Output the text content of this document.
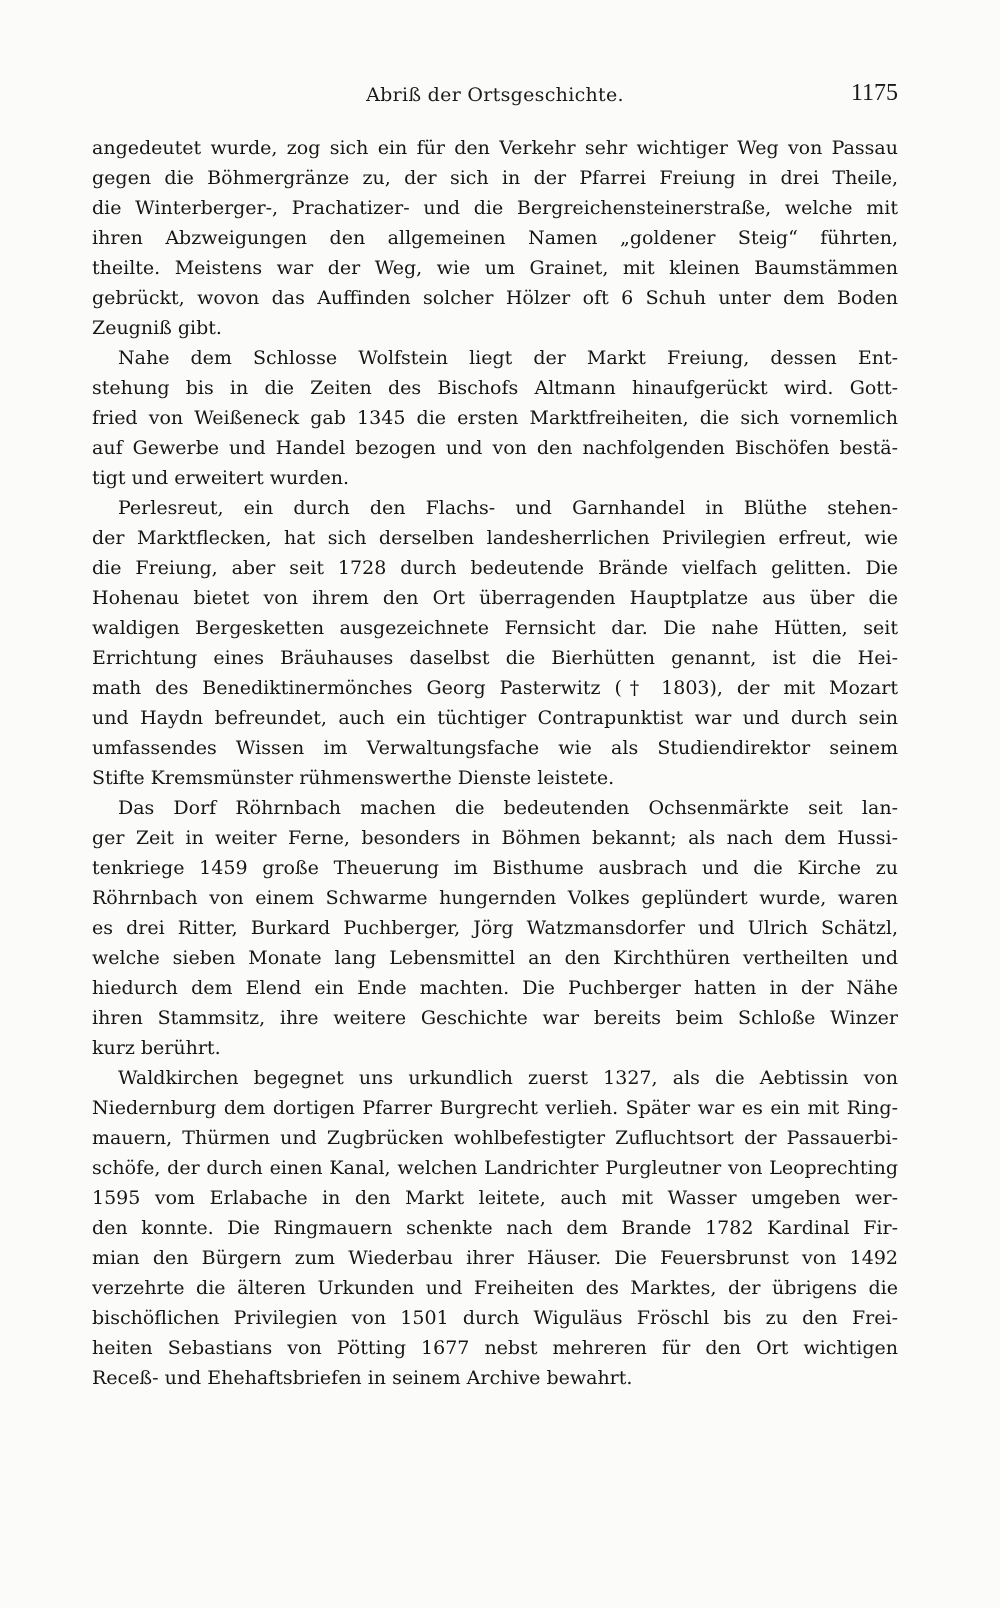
Abriß der Ortsgeschichte.	1175
angedeutet wurde, zog sich ein für den Verkehr sehr wichtiger Weg von Passau
gegen die Böhmergränze zu, der sich in der Pfarrei Freiung in drei Theile,
die Winterberger-, Prachatizer- und die Bergreichensteinerstraße, welche mit
ihren Abzweigungen den allgemeinen Namen „goldener Steig“ führten,
theilte. Meistens war der Weg, wie um Grainet, mit kleinen Baumstämmen
gebrückt, wovon das Auffinden solcher Hölzer oft 6 Schuh unter dem Boden
Zeugniß gibt.
Nahe dem Schlosse Wolfstein liegt der Markt Freiung, dessen Ent-
stehung bis in die Zeiten des Bischofs Altmann hinaufgerückt wird. Gott-
fried von Weißeneck gab 1345 die ersten Marktfreiheiten, die sich vornemlich
auf Gewerbe und Handel bezogen und von den nachfolgenden Bischöfen bestä-
tigt und erweitert wurden.
Perlesreut, ein durch den Flachs- und Garnhandel in Blüthe stehen-
der Marktflecken, hat sich derselben landesherrlichen Privilegien erfreut, wie
die Freiung, aber seit 1728 durch bedeutende Brände vielfach gelitten. Die
Hohenau bietet von ihrem den Ort überragenden Hauptplatze aus über die
waldigen Bergesketten ausgezeichnete Fernsicht dar. Die nahe Hütten, seit
Errichtung eines Bräuhauses daselbst die Bierhütten genannt, ist die Hei-
math des Benediktinermönches Georg Pasterwitz († 1803), der mit Mozart
und Haydn befreundet, auch ein tüchtiger Contrapunktist war und durch sein
umfassendes Wissen im Verwaltungsfache wie als Studiendirektor seinem
Stifte Kremsmünster rühmenswerthe Dienste leistete.
Das Dorf Röhrnbach machen die bedeutenden Ochsenmärkte seit lan-
ger Zeit in weiter Ferne, besonders in Böhmen bekannt; als nach dem Hussi-
tenkriege 1459 große Theuerung im Bisthume ausbrach und die Kirche zu
Röhrnbach von einem Schwarme hungernden Volkes geplündert wurde, waren
es drei Ritter, Burkard Puchberger, Jörg Watzmansdorfer und Ulrich Schätzl,
welche sieben Monate lang Lebensmittel an den Kirchthüren vertheilten und
hiedurch dem Elend ein Ende machten. Die Puchberger hatten in der Nähe
ihren Stammsitz, ihre weitere Geschichte war bereits beim Schloße Winzer
kurz berührt.
Waldkirchen begegnet uns urkundlich zuerst 1327, als die Aebtissin von
Niedernburg dem dortigen Pfarrer Burgrecht verlieh. Später war es ein mit Ring-
mauern, Thürmen und Zugbrücken wohlbefestigter Zufluchtsort der Passauerbi-
schöfe, der durch einen Kanal, welchen Landrichter Purgleutner von Leoprechting
1595 vom Erlabache in den Markt leitete, auch mit Wasser umgeben wer-
den konnte. Die Ringmauern schenkte nach dem Brande 1782 Kardinal Fir-
mian den Bürgern zum Wiederbau ihrer Häuser. Die Feuersbrunst von 1492
verzehrte die älteren Urkunden und Freiheiten des Marktes, der übrigens die
bischöflichen Privilegien von 1501 durch Wiguläus Fröschl bis zu den Frei-
heiten Sebastians von Pötting 1677 nebst mehreren für den Ort wichtigen
Receß- und Ehehaftsbriefen in seinem Archive bewahrt.
